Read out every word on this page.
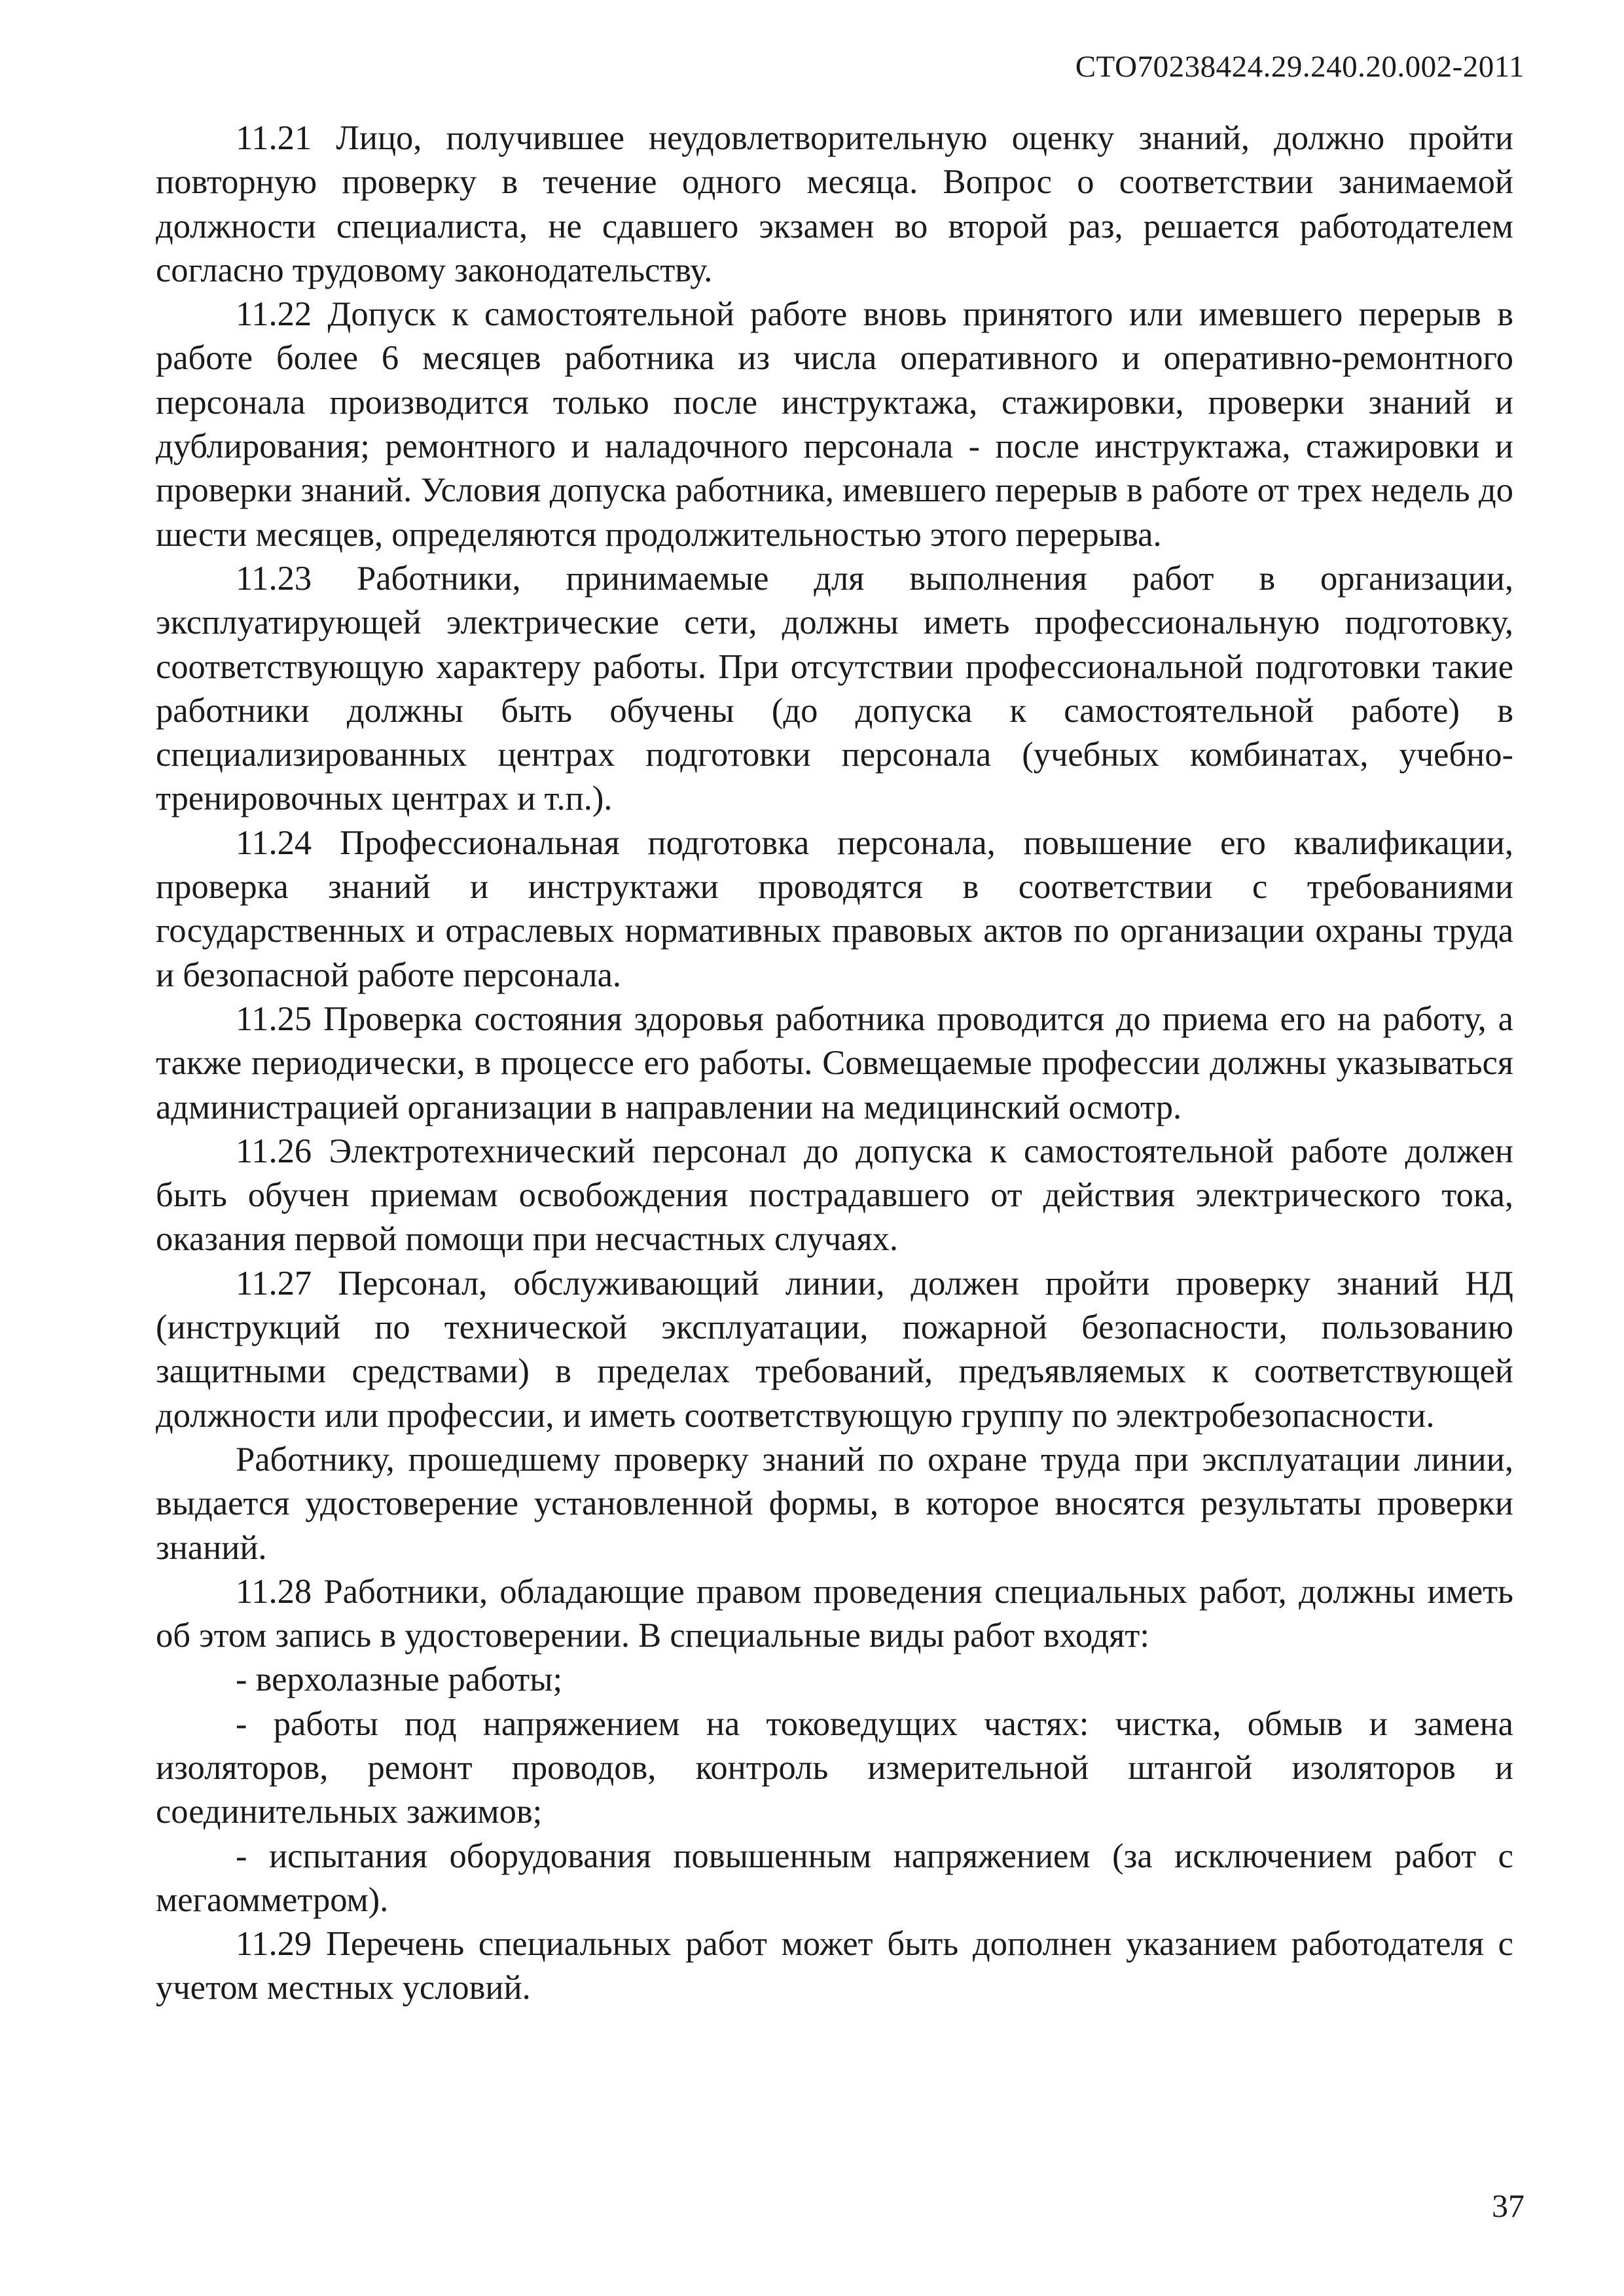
СТО70238424.29.240.20.002-2011

11.21 Лицо, получившее неудовлетворительную оценку знаний, должно пройти повторную проверку в течение одного месяца. Вопрос о соответствии занимаемой должности специалиста, не сдавшего экзамен во второй раз, решается работодателем согласно трудовому законодательству.

11.22 Допуск к самостоятельной работе вновь принятого или имевшего перерыв в работе более 6 месяцев работника из числа оперативного и оперативно-ремонтного персонала производится только после инструктажа, стажировки, проверки знаний и дублирования; ремонтного и наладочного персонала - после инструктажа, стажировки и проверки знаний. Условия допуска работника, имевшего перерыв в работе от трех недель до шести месяцев, определяются продолжительностью этого перерыва.

11.23 Работники, принимаемые для выполнения работ в организации, эксплуатирующей электрические сети, должны иметь профессиональную подготовку, соответствующую характеру работы. При отсутствии профессиональной подготовки такие работники должны быть обучены (до допуска к самостоятельной работе) в специализированных центрах подготовки персонала (учебных комбинатах, учебно-тренировочных центрах и т.п.).

11.24 Профессиональная подготовка персонала, повышение его квалификации, проверка знаний и инструктажи проводятся в соответствии с требованиями государственных и отраслевых нормативных правовых актов по организации охраны труда и безопасной работе персонала.

11.25 Проверка состояния здоровья работника проводится до приема его на работу, а также периодически, в процессе его работы. Совмещаемые профессии должны указываться администрацией организации в направлении на медицинский осмотр.

11.26 Электротехнический персонал до допуска к самостоятельной работе должен быть обучен приемам освобождения пострадавшего от действия электрического тока, оказания первой помощи при несчастных случаях.

11.27 Персонал, обслуживающий линии, должен пройти проверку знаний НД (инструкций по технической эксплуатации, пожарной безопасности, пользованию защитными средствами) в пределах требований, предъявляемых к соответствующей должности или профессии, и иметь соответствующую группу по электробезопасности.

Работнику, прошедшему проверку знаний по охране труда при эксплуатации линии, выдается удостоверение установленной формы, в которое вносятся результаты проверки знаний.

11.28 Работники, обладающие правом проведения специальных работ, должны иметь об этом запись в удостоверении. В специальные виды работ входят:

- верхолазные работы;

- работы под напряжением на токоведущих частях: чистка, обмыв и замена изоляторов, ремонт проводов, контроль измерительной штангой изоляторов и соединительных зажимов;

- испытания оборудования повышенным напряжением (за исключением работ с мегаомметром).

11.29 Перечень специальных работ может быть дополнен указанием работодателя с учетом местных условий.

37
